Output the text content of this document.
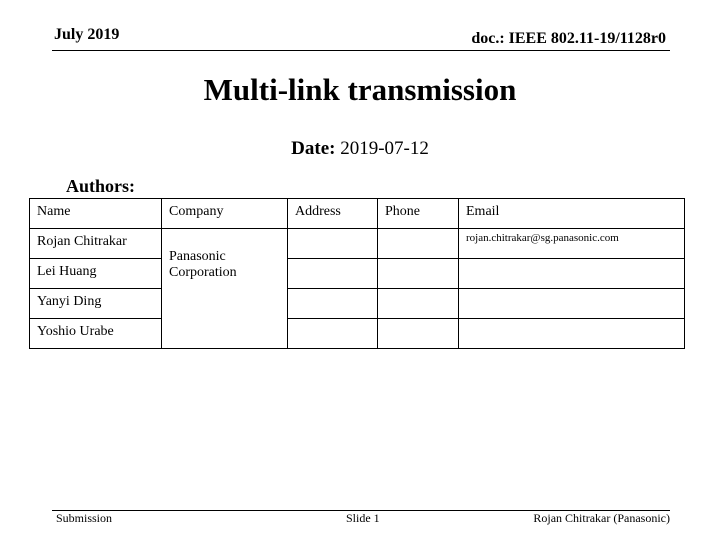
July 2019	doc.: IEEE 802.11-19/1128r0
Multi-link transmission
Date: 2019-07-12
Authors:
Name	Company	Address	Phone	Email
Rojan Chitrakar	Panasonic Corporation			rojan.chitrakar@sg.panasonic.com
Lei Huang				
Yanyi Ding				
Yoshio Urabe				
Submission	Slide 1	Rojan Chitrakar (Panasonic)
